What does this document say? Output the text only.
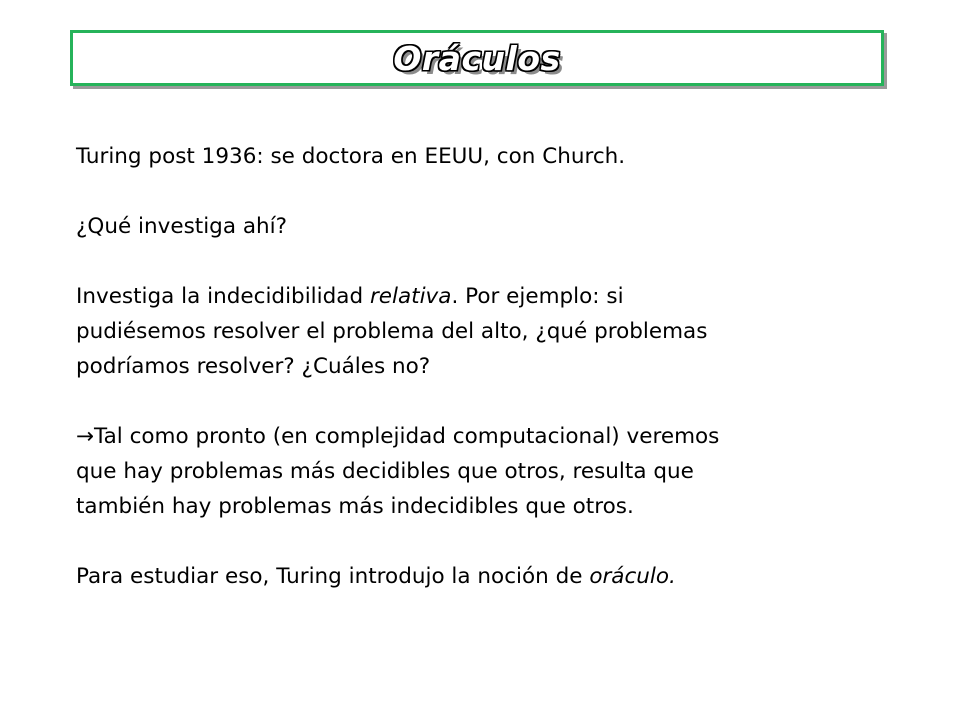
Oráculos
Turing post 1936: se doctora en EEUU, con Church.
¿Qué investiga ahí?
Investiga la indecidibilidad relativa. Por ejemplo: si
pudiésemos resolver el problema del alto, ¿qué problemas
podríamos resolver? ¿Cuáles no?
→Tal como pronto (en complejidad computacional) veremos
que hay problemas más decidibles que otros, resulta que
también hay problemas más indecidibles que otros.
Para estudiar eso, Turing introdujo la noción de oráculo.
